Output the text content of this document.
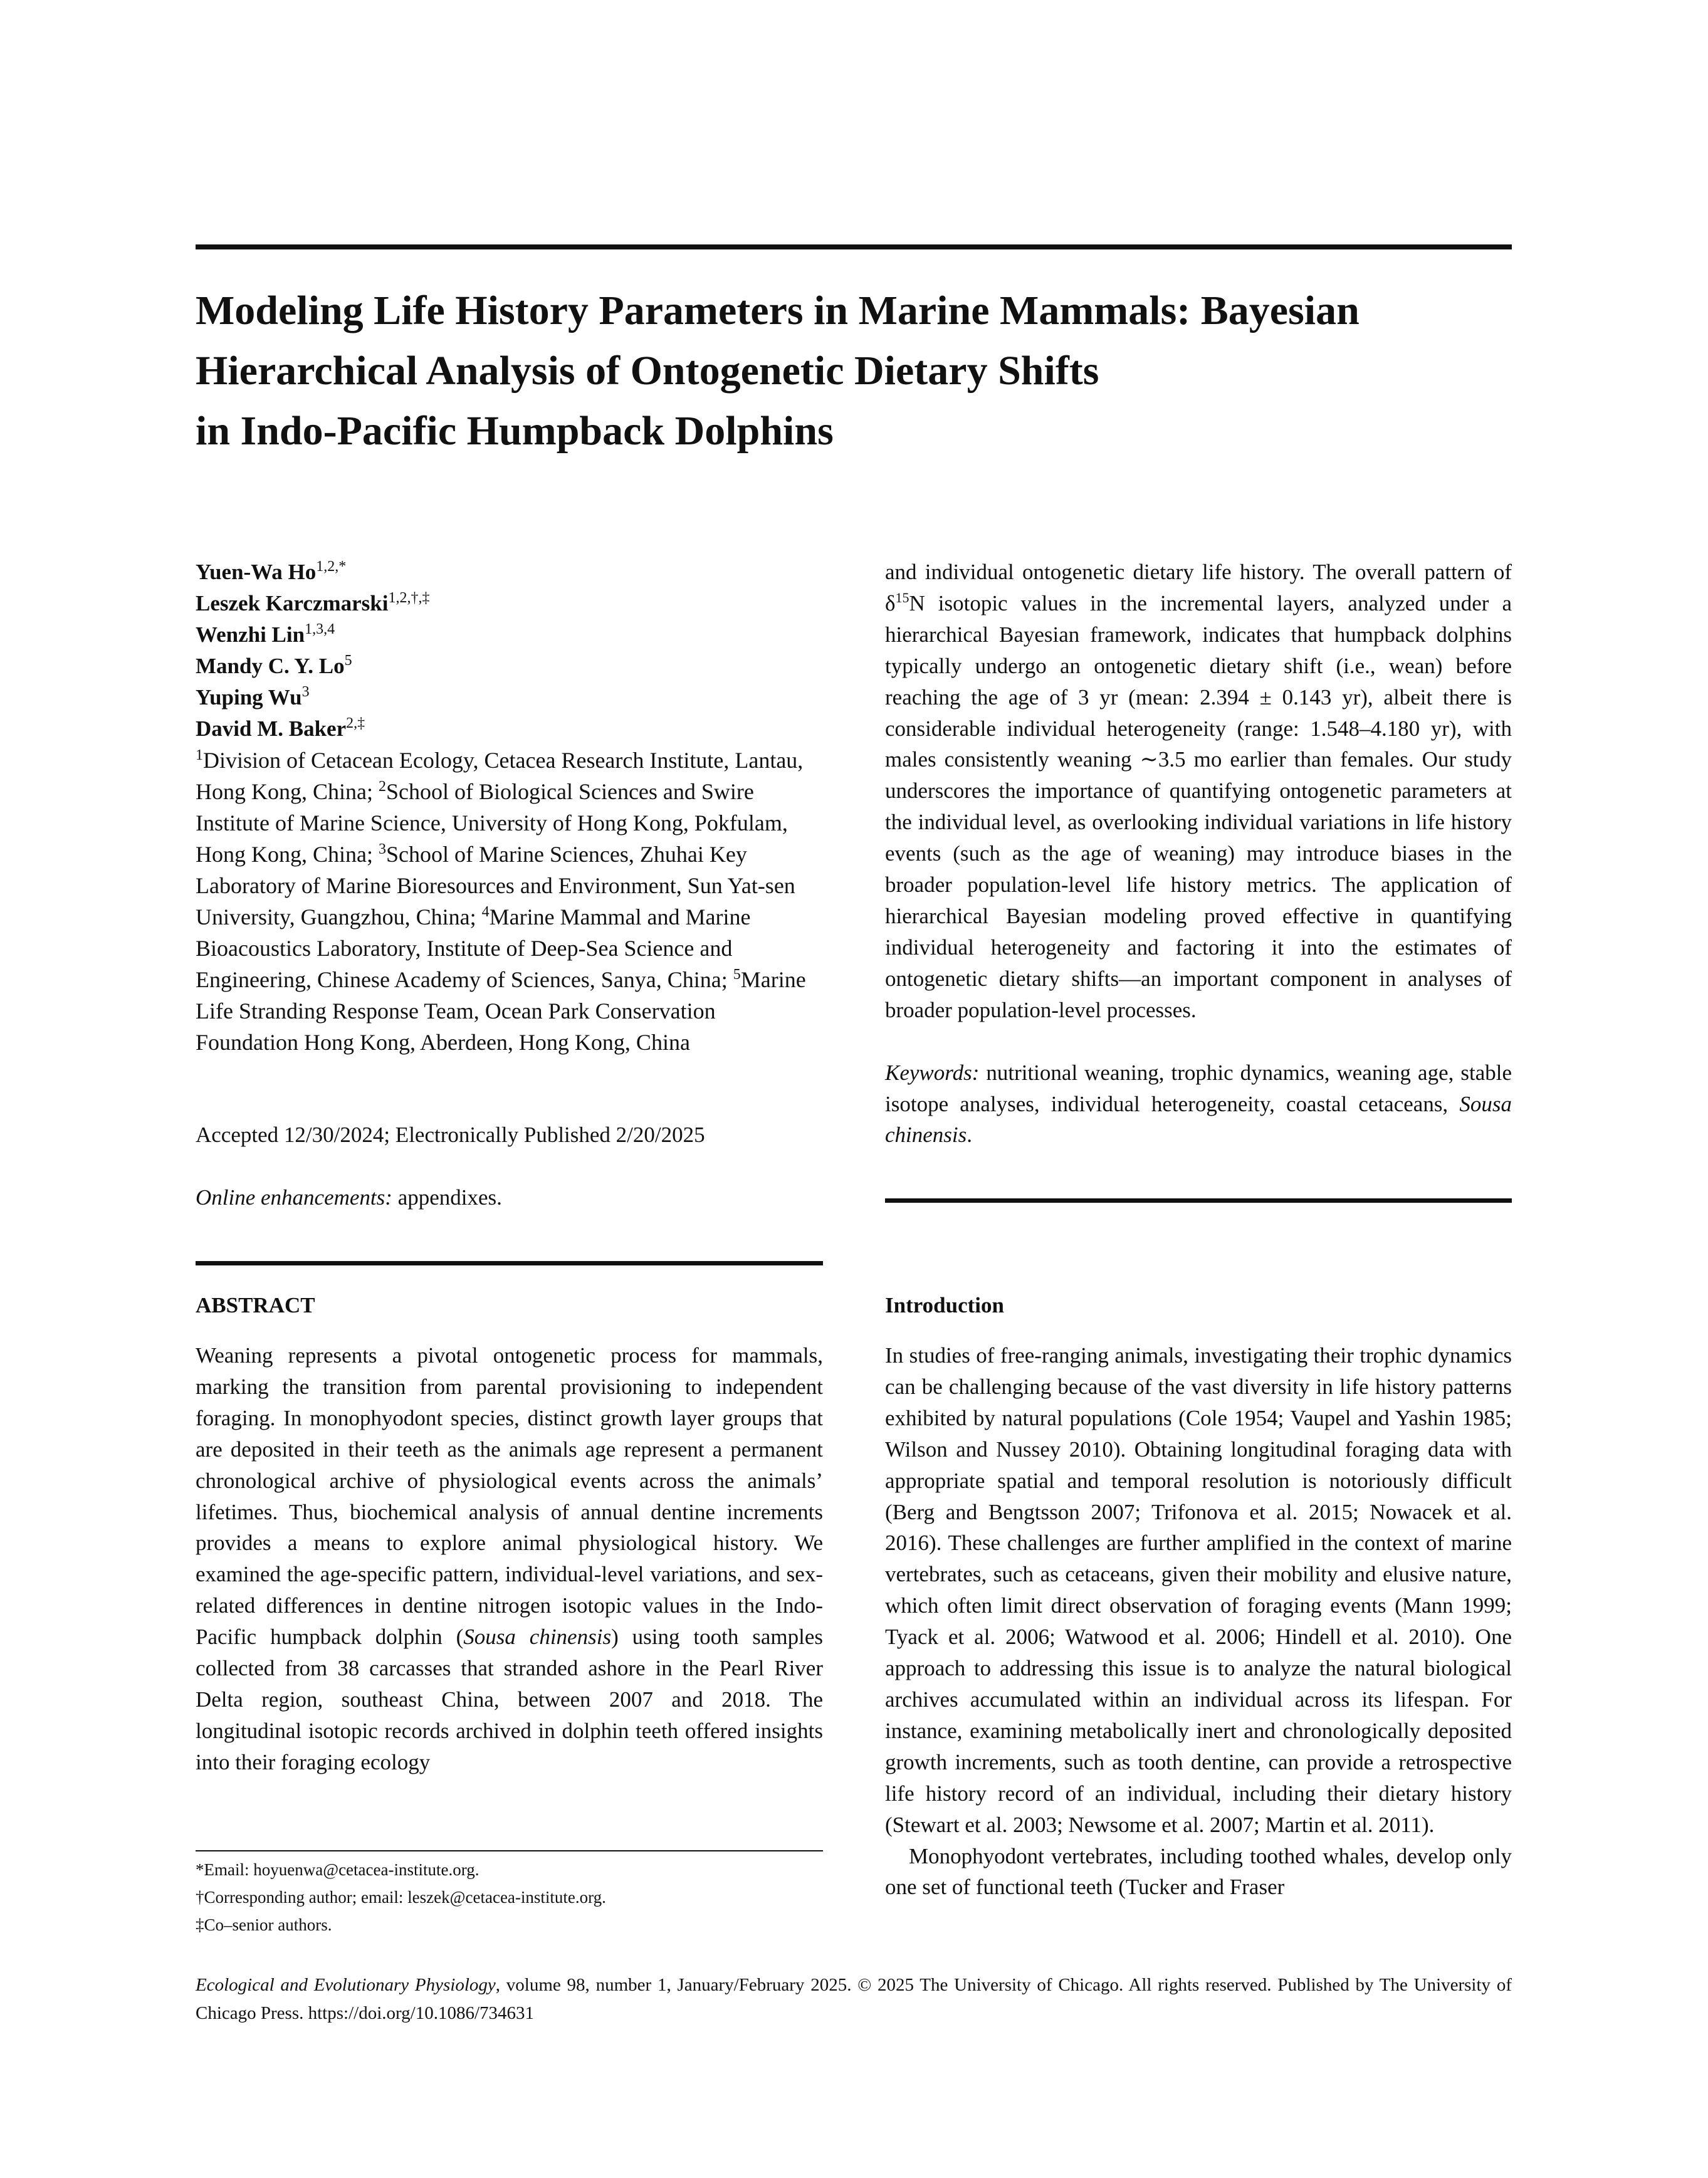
Modeling Life History Parameters in Marine Mammals: Bayesian
Hierarchical Analysis of Ontogenetic Dietary Shifts
in Indo-Pacific Humpback Dolphins
Yuen-Wa $Ho^{1,2,*}$
Leszek Karczmarski$^{1,2,\dagger,\ddagger}$
Wenzhi Lin$^{1,3,4}$
Mandy C. Y. Lo$^5$
Yuping Wu$^3$
David M. Baker$^{2,\ddagger}$

$^1$Division of Cetacean Ecology, Cetacea Research Institute, Lantau, Hong Kong, China; $^2$School of Biological Sciences and Swire Institute of Marine Science, University of Hong Kong, Pokfulam, Hong Kong, China; $^3$School of Marine Sciences, Zhuhai Key Laboratory of Marine Bioresources and Environment, Sun Yat-sen University, Guangzhou, China; $^4$Marine Mammal and Marine Bioacoustics Laboratory, Institute of Deep-Sea Science and Engineering, Chinese Academy of Sciences, Sanya, China; $^5$Marine Life Stranding Response Team, Ocean Park Conservation Foundation Hong Kong, Aberdeen, Hong Kong, China

Accepted 12/30/2024; Electronically Published 2/20/2025
Online enhancements: appendixes.
ABSTRACT

Weaning represents a pivotal ontogenetic process for mammals, marking the transition from parental provisioning to independent foraging. In monophyodont species, distinct growth layer groups that are deposited in their teeth as the animals age represent a permanent chronological archive of physiological events across the animals’ lifetimes. Thus, biochemical analysis of annual dentine increments provides a means to explore animal physiological history. We examined the age-specific pattern, individual-level variations, and sex-related differences in dentine nitrogen isotopic values in the Indo-Pacific humpback dolphin (Sousa chinensis) using tooth samples collected from 38 carcasses that stranded ashore in the Pearl River Delta region, southeast China, between 2007 and 2018. The longitudinal isotopic records archived in dolphin teeth offered insights into their foraging ecology

*Email: hoyuenwa@cetacea-institute.org.
†Corresponding author; email: leszek@cetacea-institute.org.
‡Co–senior authors.

and individual ontogenetic dietary life history. The overall pattern of $\delta^{15}N$ isotopic values in the incremental layers, analyzed under a hierarchical Bayesian framework, indicates that humpback dolphins typically undergo an ontogenetic dietary shift (i.e., wean) before reaching the age of 3 yr (mean: 2.394 ± 0.143 yr), albeit there is considerable individual heterogeneity (range: 1.548–4.180 yr), with males consistently weaning ∼3.5 mo earlier than females. Our study underscores the importance of quantifying ontogenetic parameters at the individual level, as overlooking individual variations in life history events (such as the age of weaning) may introduce biases in the broader population-level life history metrics. The application of hierarchical Bayesian modeling proved effective in quantifying individual heterogeneity and factoring it into the estimates of ontogenetic dietary shifts—an important component in analyses of broader population-level processes.

Keywords: nutritional weaning, trophic dynamics, weaning age, stable isotope analyses, individual heterogeneity, coastal cetaceans, Sousa chinensis.

Introduction

In studies of free-ranging animals, investigating their trophic dynamics can be challenging because of the vast diversity in life history patterns exhibited by natural populations (Cole 1954; Vaupel and Yashin 1985; Wilson and Nussey 2010). Obtaining longitudinal foraging data with appropriate spatial and temporal resolution is notoriously difficult (Berg and Bengtsson 2007; Trifonova et al. 2015; Nowacek et al. 2016). These challenges are further amplified in the context of marine vertebrates, such as cetaceans, given their mobility and elusive nature, which often limit direct observation of foraging events (Mann 1999; Tyack et al. 2006; Watwood et al. 2006; Hindell et al. 2010). One approach to addressing this issue is to analyze the natural biological archives accumulated within an individual across its lifespan. For instance, examining metabolically inert and chronologically deposited growth increments, such as tooth dentine, can provide a retrospective life history record of an individual, including their dietary history (Stewart et al. 2003; Newsome et al. 2007; Martin et al. 2011).

Monophyodont vertebrates, including toothed whales, develop only one set of functional teeth (Tucker and Fraser

Ecological and Evolutionary Physiology, volume 98, number 1, January/February 2025. © 2025 The University of Chicago. All rights reserved. Published by The University of Chicago Press. https://doi.org/10.1086/734631
